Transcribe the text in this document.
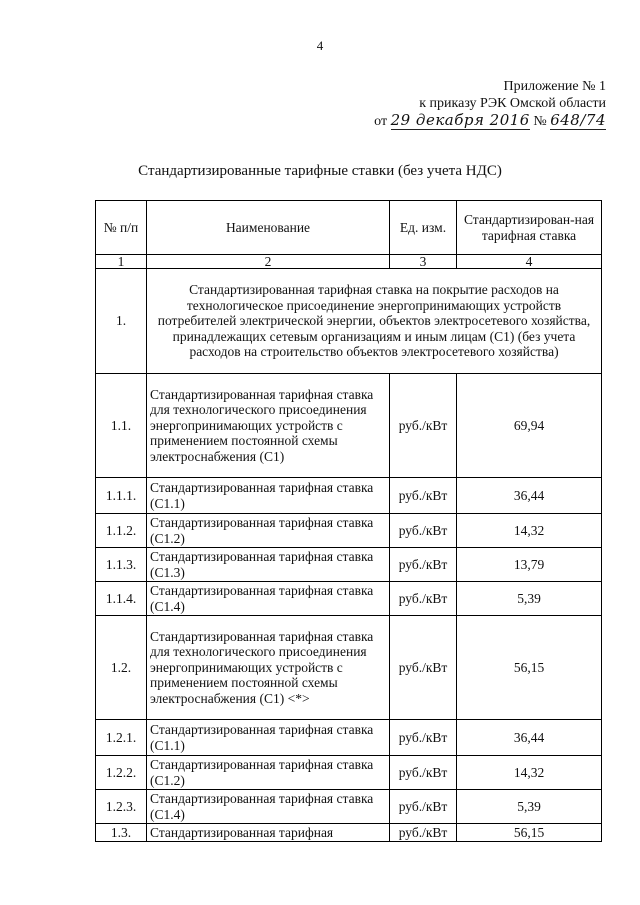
4
Приложение № 1
к приказу РЭК Омской области
от 29 декабря 2016 № 648/74
Стандартизированные тарифные ставки (без учета НДС)
№ п/п	Наименование	Ед. изм.	Стандартизирован-ная тарифная ставка
1	2	3	4
1.	Стандартизированная тарифная ставка на покрытие расходов на технологическое присоединение энергопринимающих устройств потребителей электрической энергии, объектов электросетевого хозяйства, принадлежащих сетевым организациям и иным лицам (C1) (без учета расходов на строительство объектов электросетевого хозяйства)		
1.1.	Стандартизированная тарифная ставка для технологического присоединения энергопринимающих устройств с применением постоянной схемы электроснабжения (C1)	руб./кВт	69,94
1.1.1.	Стандартизированная тарифная ставка (C1.1)	руб./кВт	36,44
1.1.2.	Стандартизированная тарифная ставка (C1.2)	руб./кВт	14,32
1.1.3.	Стандартизированная тарифная ставка (C1.3)	руб./кВт	13,79
1.1.4.	Стандартизированная тарифная ставка (C1.4)	руб./кВт	5,39
1.2.	Стандартизированная тарифная ставка для технологического присоединения энергопринимающих устройств с применением постоянной схемы электроснабжения (C1) <*>	руб./кВт	56,15
1.2.1.	Стандартизированная тарифная ставка (C1.1)	руб./кВт	36,44
1.2.2.	Стандартизированная тарифная ставка (C1.2)	руб./кВт	14,32
1.2.3.	Стандартизированная тарифная ставка (C1.4)	руб./кВт	5,39
1.3.	Стандартизированная тарифная	руб./кВт	56,15
